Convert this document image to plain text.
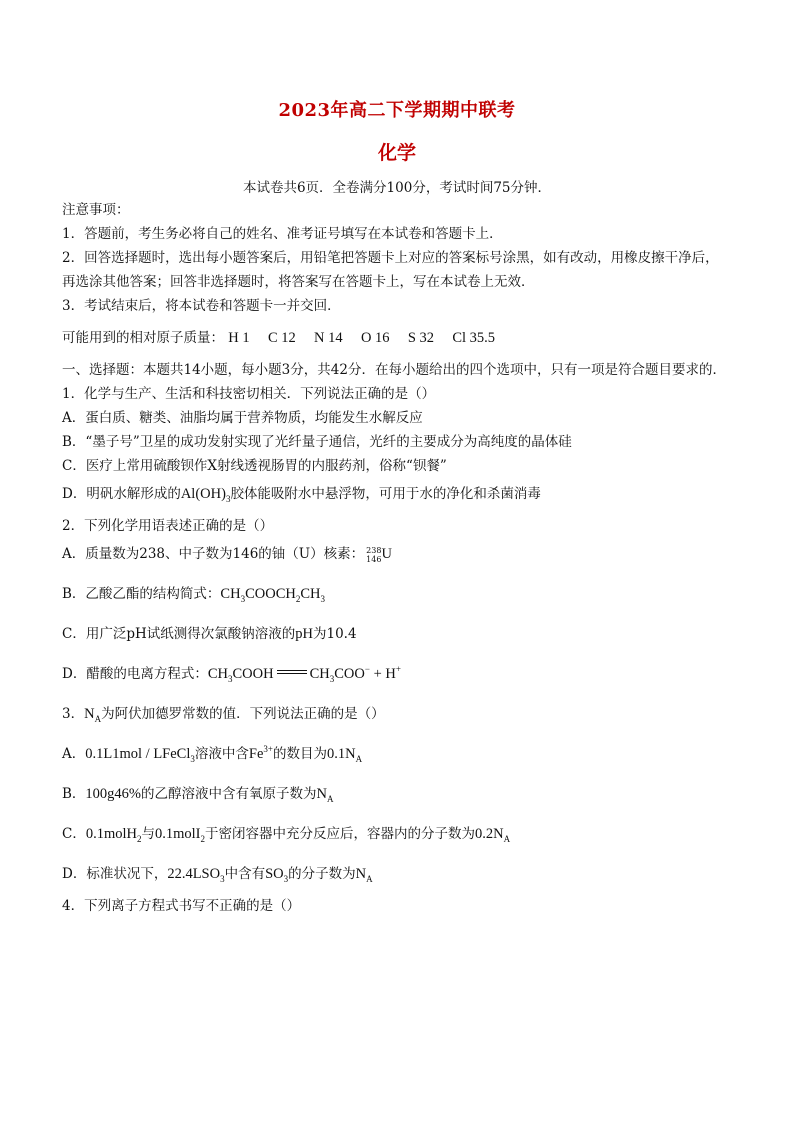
2023年高二下学期期中联考
化学
本试卷共6页．全卷满分100分，考试时间75分钟．
注意事项：
1．答题前，考生务必将自己的姓名、准考证号填写在本试卷和答题卡上．
2．回答选择题时，选出每小题答案后，用铅笔把答题卡上对应的答案标号涂黑，如有改动，用橡皮擦干净后，再选涂其他答案；回答非选择题时，将答案写在答题卡上，写在本试卷上无效．
3．考试结束后，将本试卷和答题卡一并交回．
可能用到的相对原子质量： H 1 C 12 N 14 O 16 S 32 Cl 35.5
一、选择题：本题共14小题，每小题3分，共42分．在每小题给出的四个选项中，只有一项是符合题目要求的．
1．化学与生产、生活和科技密切相关．下列说法正确的是（）
A．蛋白质、糖类、油脂均属于营养物质，均能发生水解反应
B．“墨子号”卫星的成功发射实现了光纤量子通信，光纤的主要成分为高纯度的晶体硅
C．医疗上常用硫酸钡作X射线透视肠胃的内服药剂，俗称“钡餐”
D．明矾水解形成的$Al(OH)_3$胶体能吸附水中悬浮物，可用于水的净化和杀菌消毒
2．下列化学用语表述正确的是（）
A．质量数为238、中子数为146的铀（U）核素： 238
146U
B．乙酸乙酯的结构简式：$CH_3COOCH_2CH_3$
C．用广泛pH试纸测得次氯酸钠溶液的pH为10.4
D．醋酸的电离方程式：$CH_3COOH$ $CH_3COO^- + H^+$
3．$N_A$为阿伏加德罗常数的值．下列说法正确的是（）
A．0.1L1mol / LFeCl$_3$溶液中含$Fe^{3+}$的数目为$0.1N_A$
B．100g46%的乙醇溶液中含有氧原子数为$N_A$
C．0.1molH$_2$与0.1molI$_2$于密闭容器中充分反应后，容器内的分子数为$0.2N_A$
D．标准状况下，$22.4LSO_3$中含有$SO_3$的分子数为$N_A$
4．下列离子方程式书写不正确的是（）
